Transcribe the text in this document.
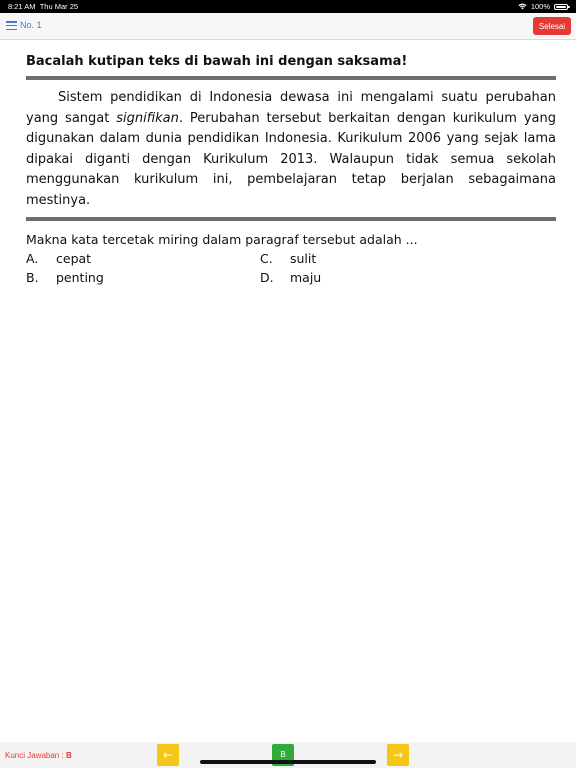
8:21 AM Thu Mar 25	100%
No. 1	Selesai

Bacalah kutipan teks di bawah ini dengan saksama!

Sistem pendidikan di Indonesia dewasa ini mengalami suatu perubahan yang sangat signifikan. Perubahan tersebut berkaitan dengan kurikulum yang digunakan dalam dunia pendidikan Indonesia. Kurikulum 2006 yang sejak lama dipakai diganti dengan Kurikulum 2013. Walaupun tidak semua sekolah menggunakan kurikulum ini, pembelajaran tetap berjalan sebagaimana mestinya.

Makna kata tercetak miring dalam paragraf tersebut adalah ...

A.	cepat	C.	sulit
B.	penting	D.	maju
Kunci Jawaban : B	←	B	→
